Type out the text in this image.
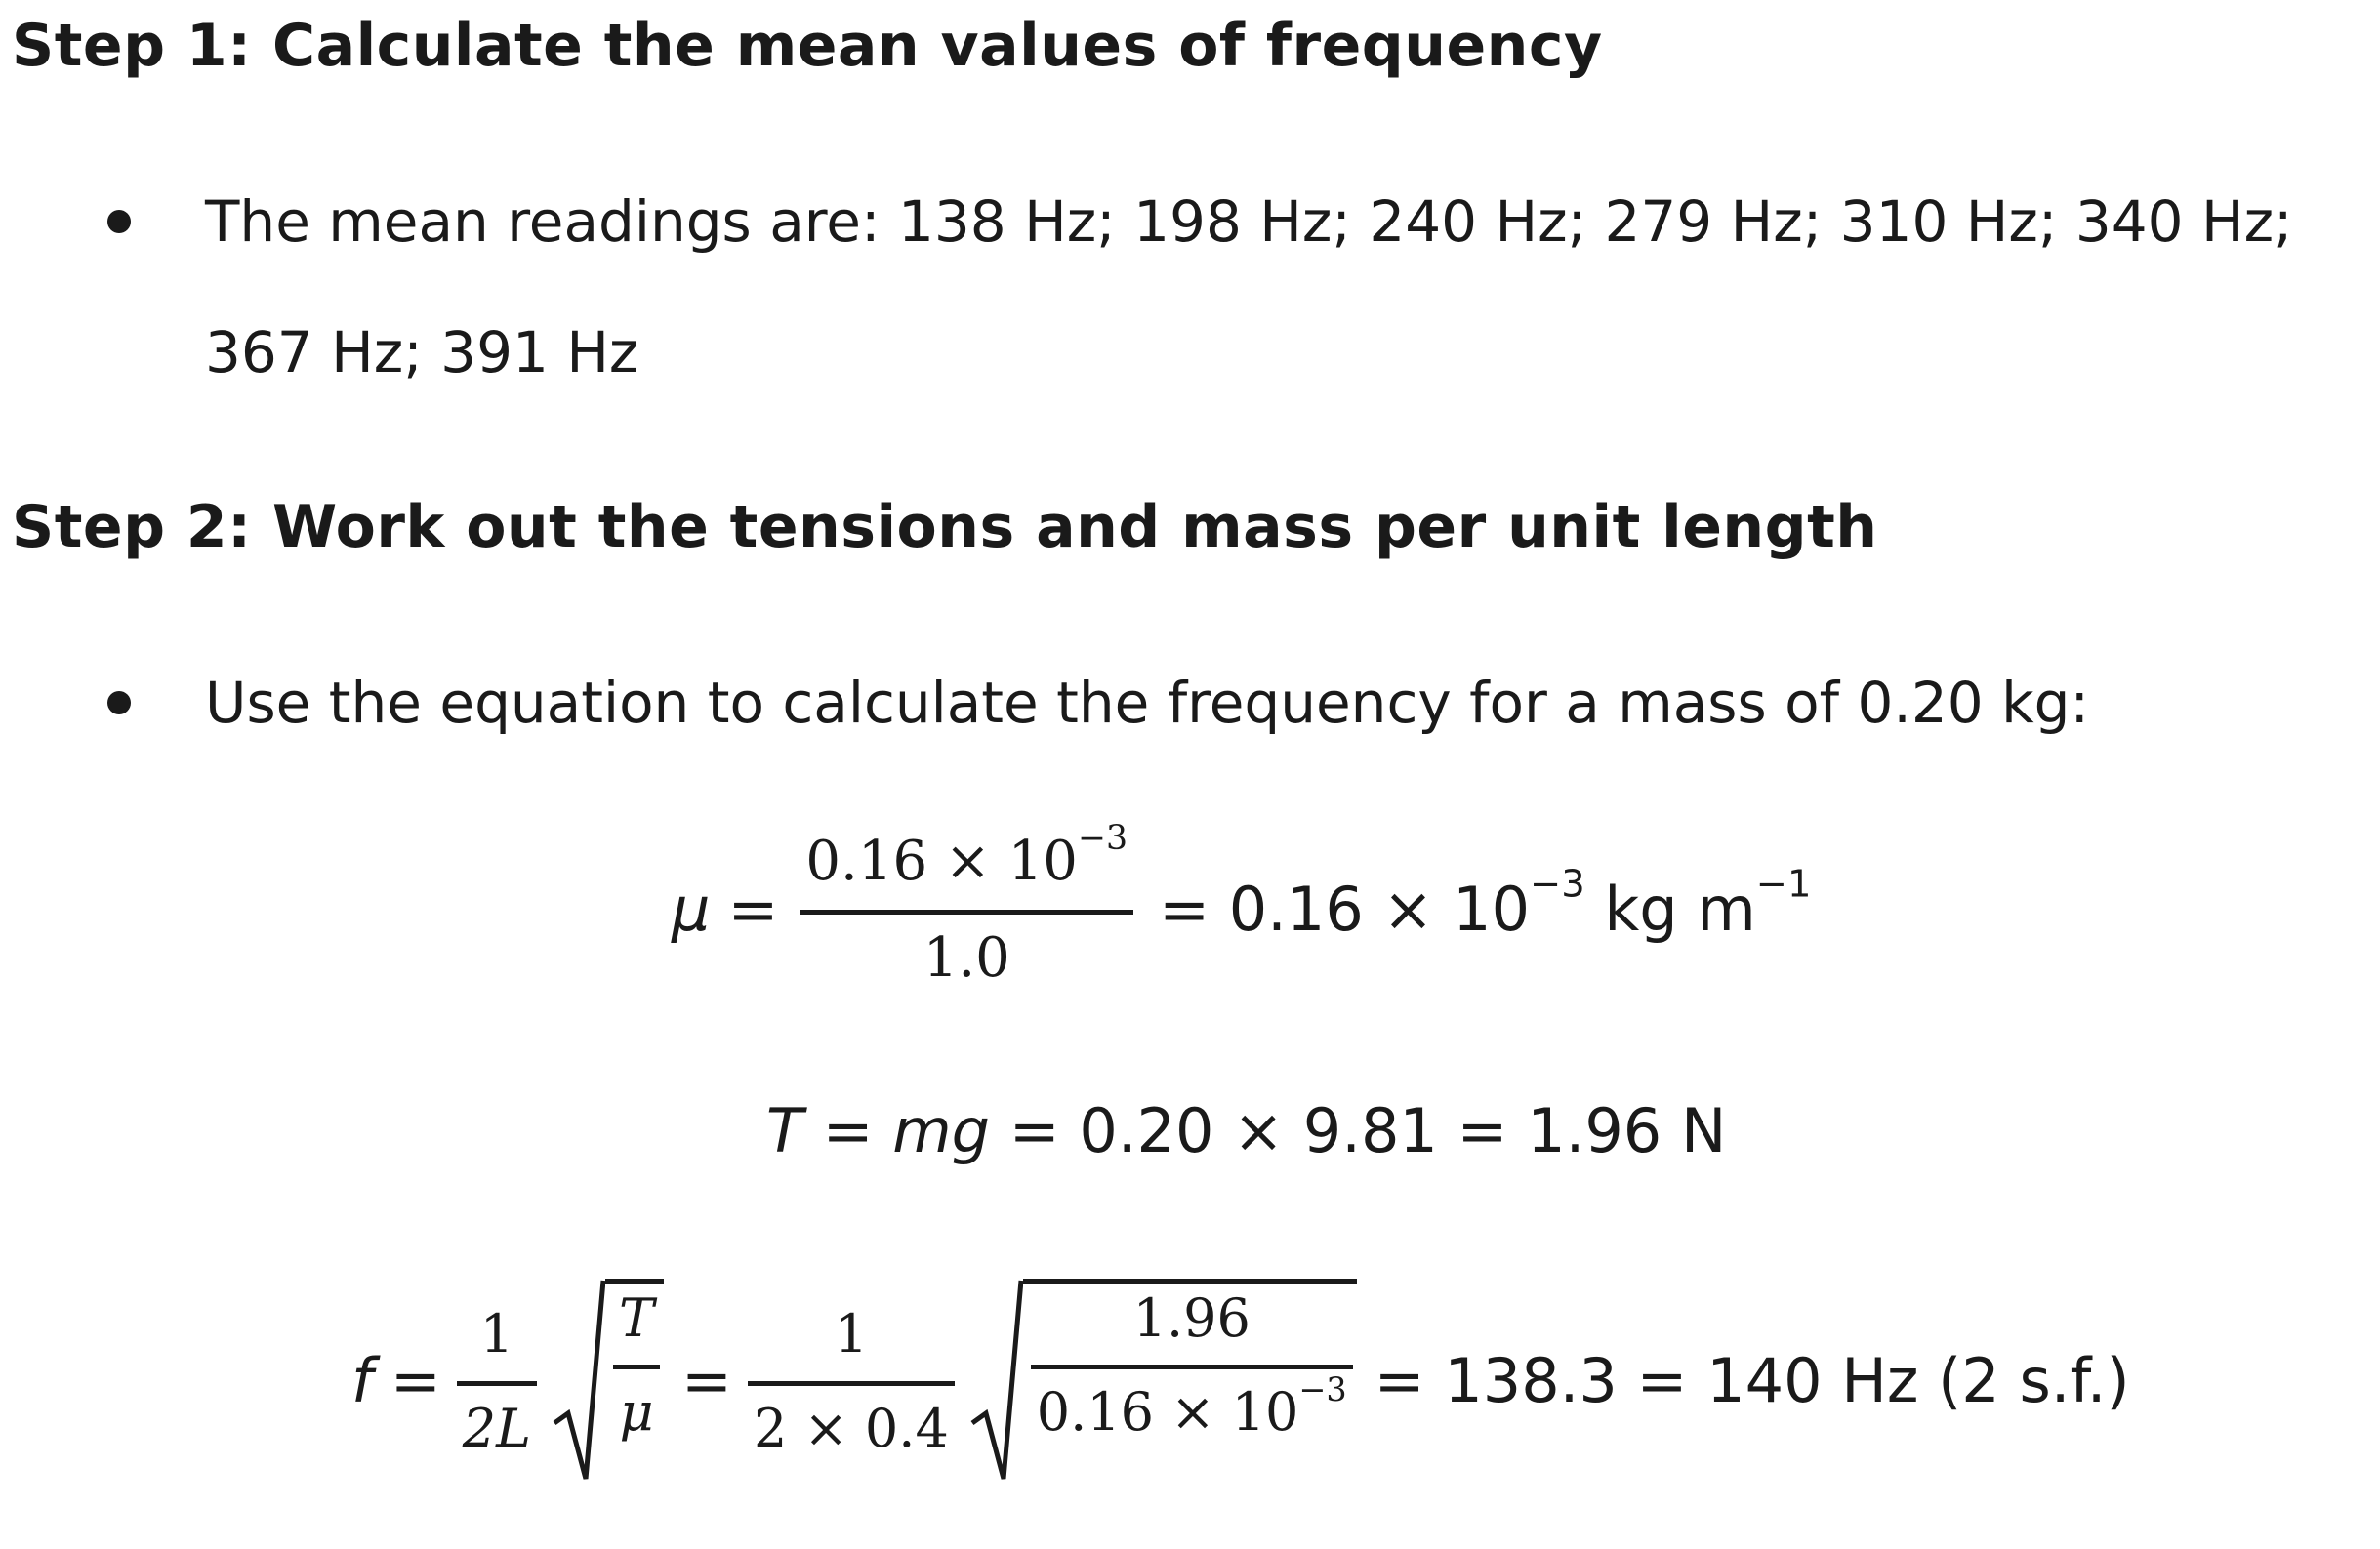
Step 1: Calculate the mean values of frequency
The mean readings are: 138 Hz; 198 Hz; 240 Hz; 279 Hz; 310 Hz; 340 Hz; 367 Hz; 391 Hz
Step 2: Work out the tensions and mass per unit length
Use the equation to calculate the frequency for a mass of 0.20 kg:
μ =
$0.16 \times 10^{-3}$
1.0
= $0.16 \times 10^{-3}$ kg $m^{-1}$
T = mg = 0.20 × 9.81 = 1.96 N
f =
1
2L
T
μ =
1
2 × 0.4
1.96
$0.16 \times 10^{-3} = 138.3 = 140$ Hz (2 s.f.)
